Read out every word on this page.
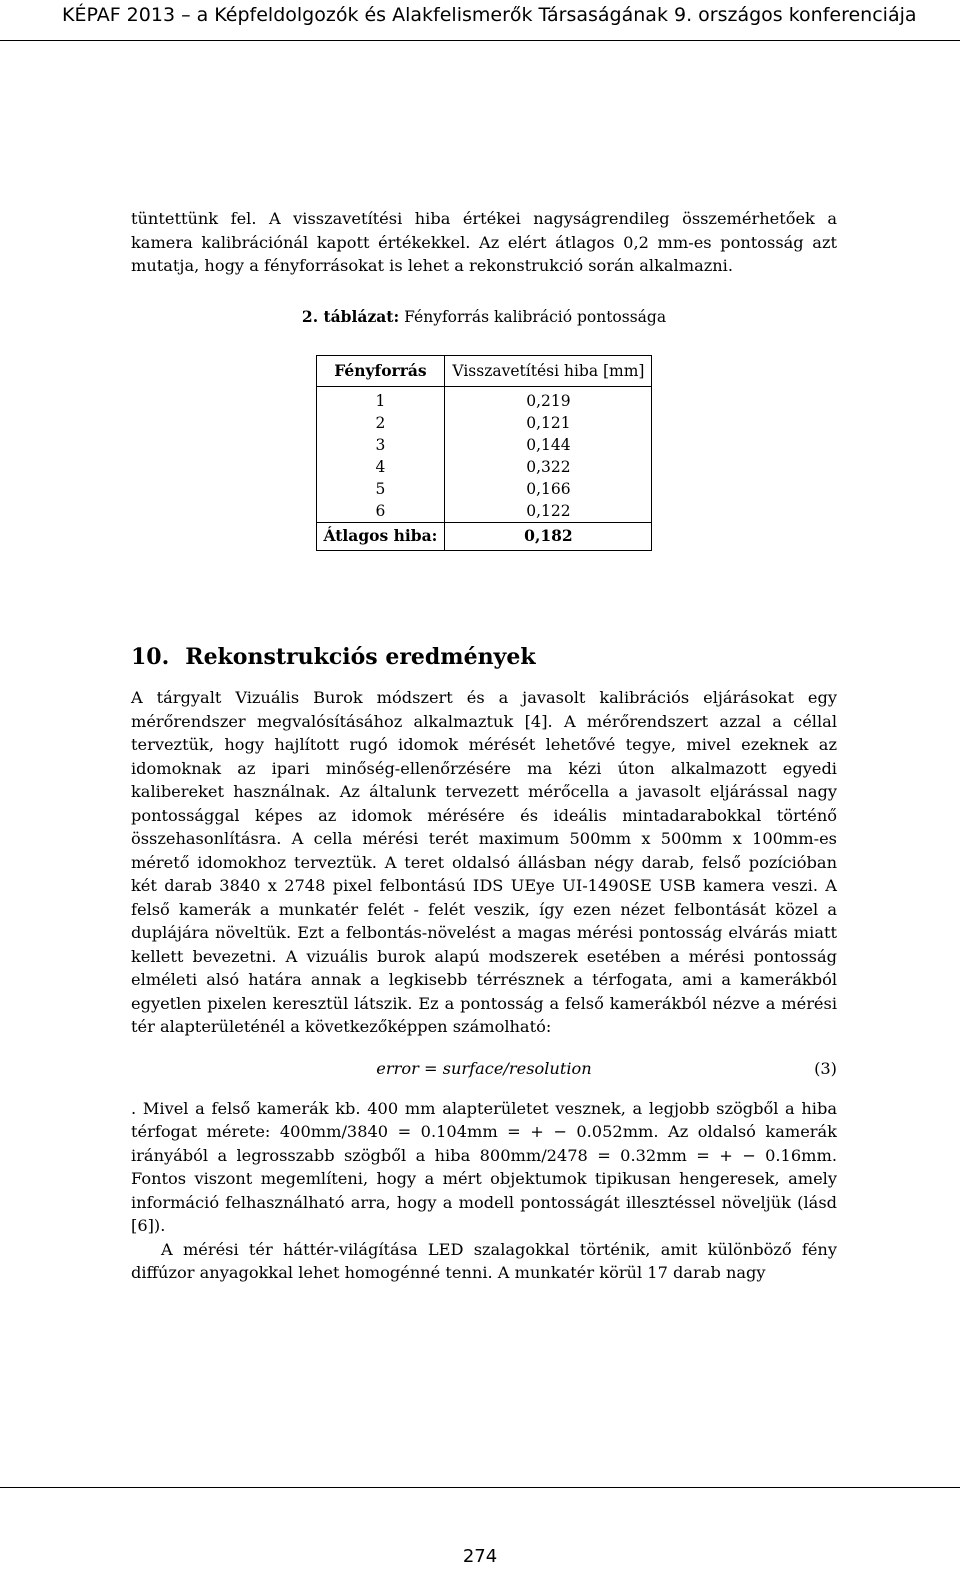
KÉPAF 2013 – a Képfeldolgozók és Alakfelismerők Társaságának 9. országos konferenciája

tüntettünk fel. A visszavetítési hiba értékei nagyságrendileg összemérhetőek a kamera kalibrációnál kapott értékekkel. Az elért átlagos 0,2 mm-es pontosság azt mutatja, hogy a fényforrásokat is lehet a rekonstrukció során alkalmazni.

2. táblázat: Fényforrás kalibráció pontossága
Fényforrás	Visszavetítési hiba [mm]
1	0,219
2	0,121
3	0,144
4	0,322
5	0,166
6	0,122
Átlagos hiba:	0,182
10. Rekonstrukciós eredmények

A tárgyalt Vizuális Burok módszert és a javasolt kalibrációs eljárásokat egy mérőrendszer megvalósításához alkalmaztuk [4]. A mérőrendszert azzal a céllal terveztük, hogy hajlított rugó idomok mérését lehetővé tegye, mivel ezeknek az idomoknak az ipari minőség-ellenőrzésére ma kézi úton alkalmazott egyedi kalibereket használnak. Az általunk tervezett mérőcella a javasolt eljárással nagy pontossággal képes az idomok mérésére és ideális mintadarabokkal történő összehasonlításra. A cella mérési terét maximum 500mm x 500mm x 100mm-es mérető idomokhoz terveztük. A teret oldalsó állásban négy darab, felső pozícióban két darab 3840 x 2748 pixel felbontású IDS UEye UI-1490SE USB kamera veszi. A felső kamerák a munkatér felét - felét veszik, így ezen nézet felbontását közel a duplájára növeltük. Ezt a felbontás-növelést a magas mérési pontosság elvárás miatt kellett bevezetni. A vizuális burok alapú modszerek esetében a mérési pontosság elméleti alsó határa annak a legkisebb térrésznek a térfogata, ami a kamerákból egyetlen pixelen keresztül látszik. Ez a pontosság a felső kamerákból nézve a mérési tér alapterületénél a következőképpen számolható:

error = surface/resolution	(3)

. Mivel a felső kamerák kb. 400 mm alapterületet vesznek, a legjobb szögből a hiba térfogat mérete: 400mm/3840 = 0.104mm = + − 0.052mm. Az oldalsó kamerák irányából a legrosszabb szögből a hiba 800mm/2478 = 0.32mm = + − 0.16mm. Fontos viszont megemlíteni, hogy a mért objektumok tipikusan hengeresek, amely információ felhasználható arra, hogy a modell pontosságát illesztéssel növeljük (lásd [6]).

A mérési tér háttér-világítása LED szalagokkal történik, amit különböző fény diffúzor anyagokkal lehet homogénné tenni. A munkatér körül 17 darab nagy

274
